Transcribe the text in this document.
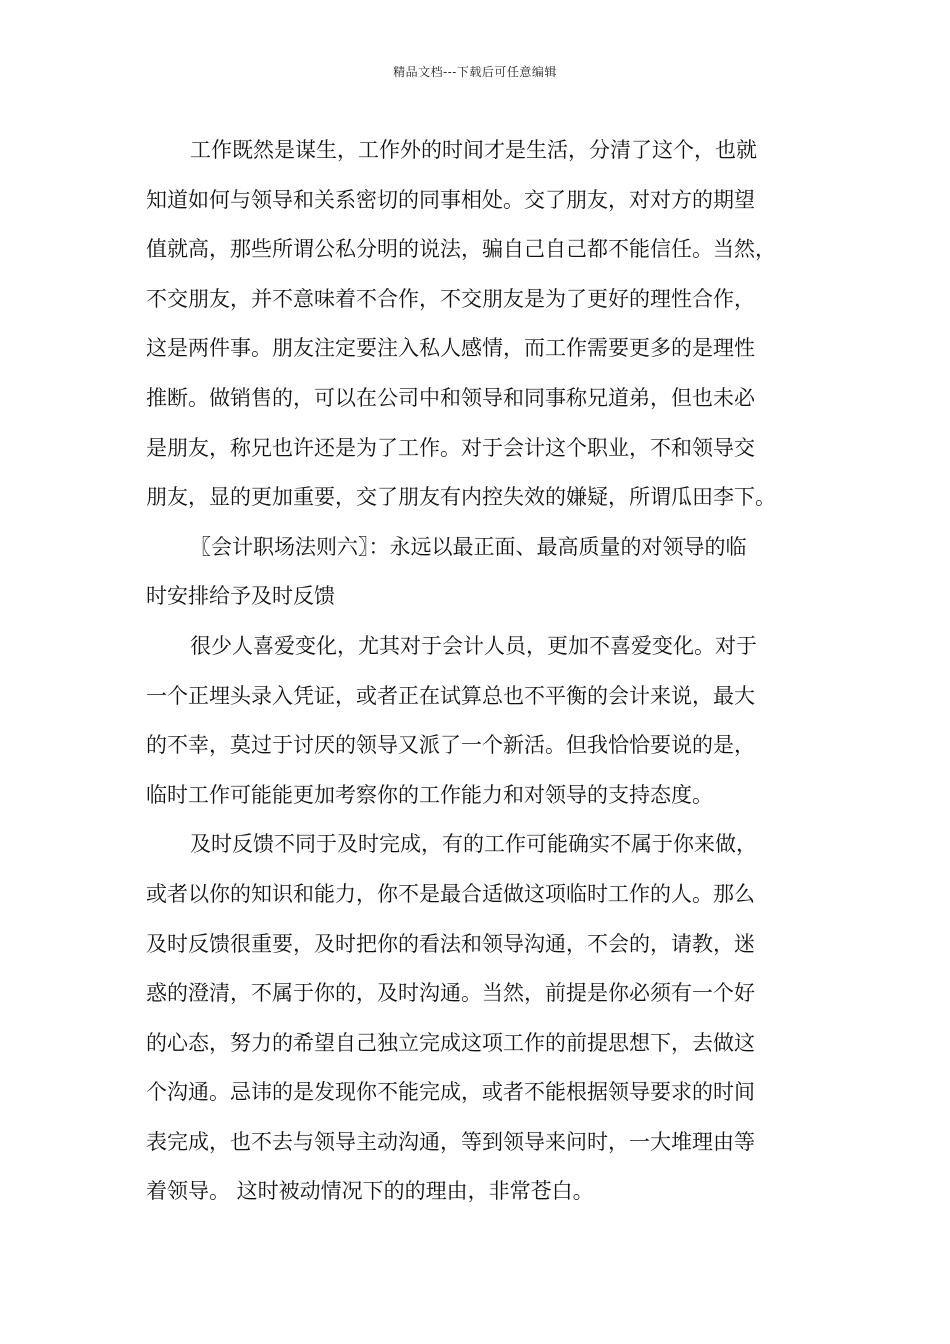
精品文档---下载后可任意编辑
工作既然是谋生，工作外的时间才是生活，分清了这个，也就
知道如何与领导和关系密切的同事相处。交了朋友，对对方的期望
值就高，那些所谓公私分明的说法，骗自己自己都不能信任。当然，
不交朋友，并不意味着不合作，不交朋友是为了更好的理性合作，
这是两件事。朋友注定要注入私人感情，而工作需要更多的是理性
推断。做销售的，可以在公司中和领导和同事称兄道弟，但也未必
是朋友，称兄也许还是为了工作。对于会计这个职业，不和领导交
朋友，显的更加重要，交了朋友有内控失效的嫌疑，所谓瓜田李下。
〖会计职场法则六〗：永远以最正面、最高质量的对领导的临
时安排给予及时反馈
很少人喜爱变化，尤其对于会计人员，更加不喜爱变化。对于
一个正埋头录入凭证，或者正在试算总也不平衡的会计来说，最大
的不幸，莫过于讨厌的领导又派了一个新活。但我恰恰要说的是，
临时工作可能能更加考察你的工作能力和对领导的支持态度。
及时反馈不同于及时完成，有的工作可能确实不属于你来做，
或者以你的知识和能力，你不是最合适做这项临时工作的人。那么
及时反馈很重要，及时把你的看法和领导沟通，不会的，请教，迷
惑的澄清，不属于你的，及时沟通。当然，前提是你必须有一个好
的心态，努力的希望自己独立完成这项工作的前提思想下，去做这
个沟通。忌讳的是发现你不能完成，或者不能根据领导要求的时间
表完成，也不去与领导主动沟通，等到领导来问时，一大堆理由等
着领导。 这时被动情况下的的理由，非常苍白。
